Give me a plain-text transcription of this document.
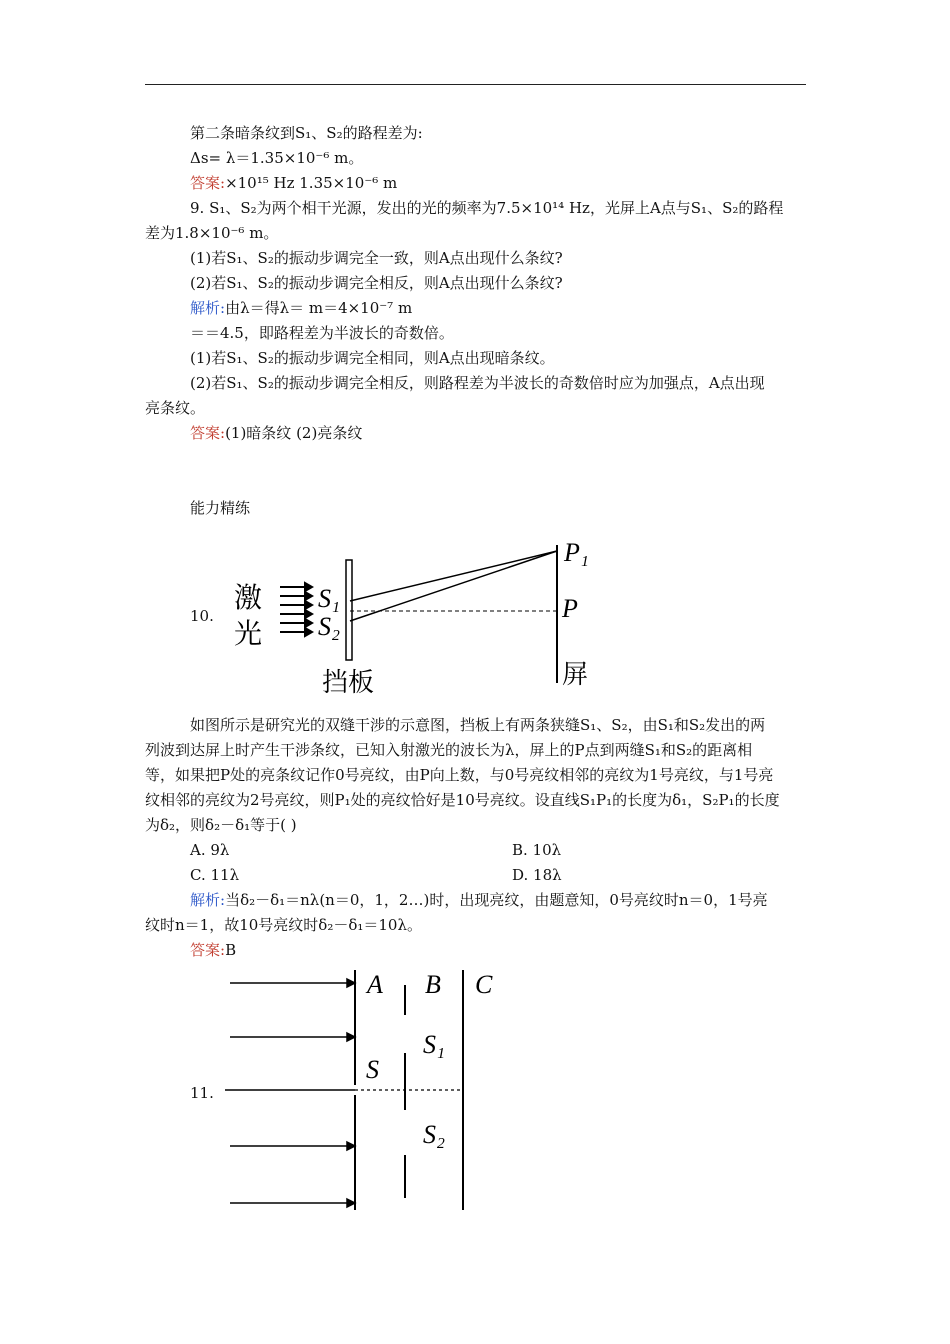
第二条暗条纹到S₁、S₂的路程差为:
Δs= λ＝1.35×10⁻⁶ m。
答案:×10¹⁵ Hz 1.35×10⁻⁶ m
9. S₁、S₂为两个相干光源，发出的光的频率为7.5×10¹⁴ Hz，光屏上A点与S₁、S₂的路程
差为1.8×10⁻⁶ m。
(1)若S₁、S₂的振动步调完全一致，则A点出现什么条纹?
(2)若S₁、S₂的振动步调完全相反，则A点出现什么条纹?
解析:由λ＝得λ＝ m＝4×10⁻⁷ m
＝＝4.5，即路程差为半波长的奇数倍。
(1)若S₁、S₂的振动步调完全相同，则A点出现暗条纹。
(2)若S₁、S₂的振动步调完全相反，则路程差为半波长的奇数倍时应为加强点，A点出现
亮条纹。
答案:(1)暗条纹 (2)亮条纹
能力精练
10.
激
光
S₁
S₂
P₁
P
屏
挡板
如图所示是研究光的双缝干涉的示意图，挡板上有两条狭缝S₁、S₂，由S₁和S₂发出的两
列波到达屏上时产生干涉条纹，已知入射激光的波长为λ，屏上的P点到两缝S₁和S₂的距离相
等，如果把P处的亮条纹记作0号亮纹，由P向上数，与0号亮纹相邻的亮纹为1号亮纹，与1号亮
纹相邻的亮纹为2号亮纹，则P₁处的亮纹恰好是10号亮纹。设直线S₁P₁的长度为δ₁，S₂P₁的长度
为δ₂，则δ₂－δ₁等于( )
A. 9λ	B. 10λ
C. 11λ	D. 18λ
解析:当δ₂－δ₁＝nλ(n＝0，1，2…)时，出现亮纹，由题意知，0号亮纹时n＝0，1号亮
纹时n＝1，故10号亮纹时δ₂－δ₁＝10λ。
答案:B
11.
A B C
S
S₁
S₂
